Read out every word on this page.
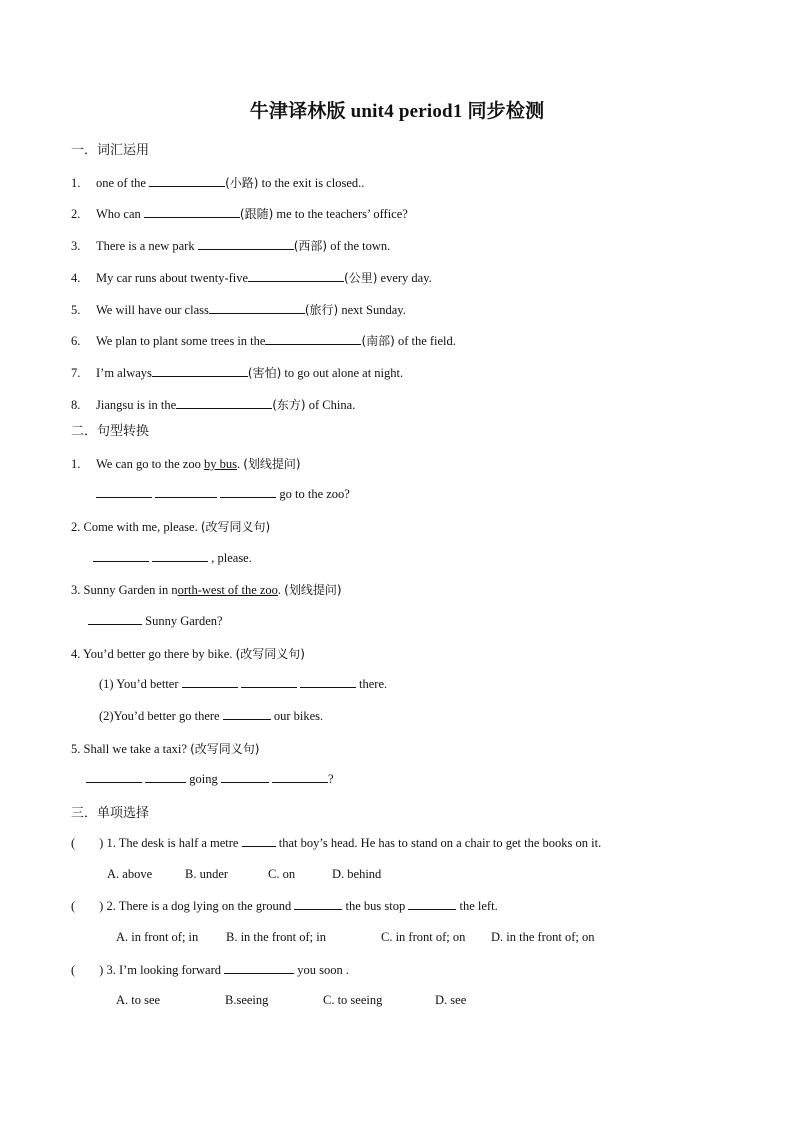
牛津译林版 unit4 period1 同步检测
一．词汇运用
1. one of the	(小路) to the exit is closed..
2. Who can	(跟随) me to the teachers’ office?
3. There is a new park	(西部) of the town.
4. My car runs about twenty-five	(公里) every day.
5. We will have our class	(旅行) next Sunday.
6. We plan to plant some trees in the	(南部) of the field.
7. I’m always	(害怕) to go out alone at night.
8. Jiangsu is in the	(东方) of China.
二．句型转换
1. We can go to the zoo by bus. (划线提问)
go to the zoo?
2. Come with me, please. (改写同义句)
, please.
3. Sunny Garden in north-west of the zoo. (划线提问)
Sunny Garden?
4. You’d better go there by bike. (改写同义句)
(1) You’d better	there.
(2)You’d better go there	our bikes.
5. Shall we take a taxi? (改写同义句)
going	?
三．单项选择
( ) 1. The desk is half a metre	that boy’s head. He has to stand on a chair to get the books on it.
A. above	B. under	C. on	D. behind
( ) 2. There is a dog lying on the ground	the bus stop	the left.
A. in front of; in B. in the front of; in	C. in front of; on D. in the front of; on
( ) 3. I’m looking forward	you soon .
A. to see	B.seeing	C. to seeing	D. see
